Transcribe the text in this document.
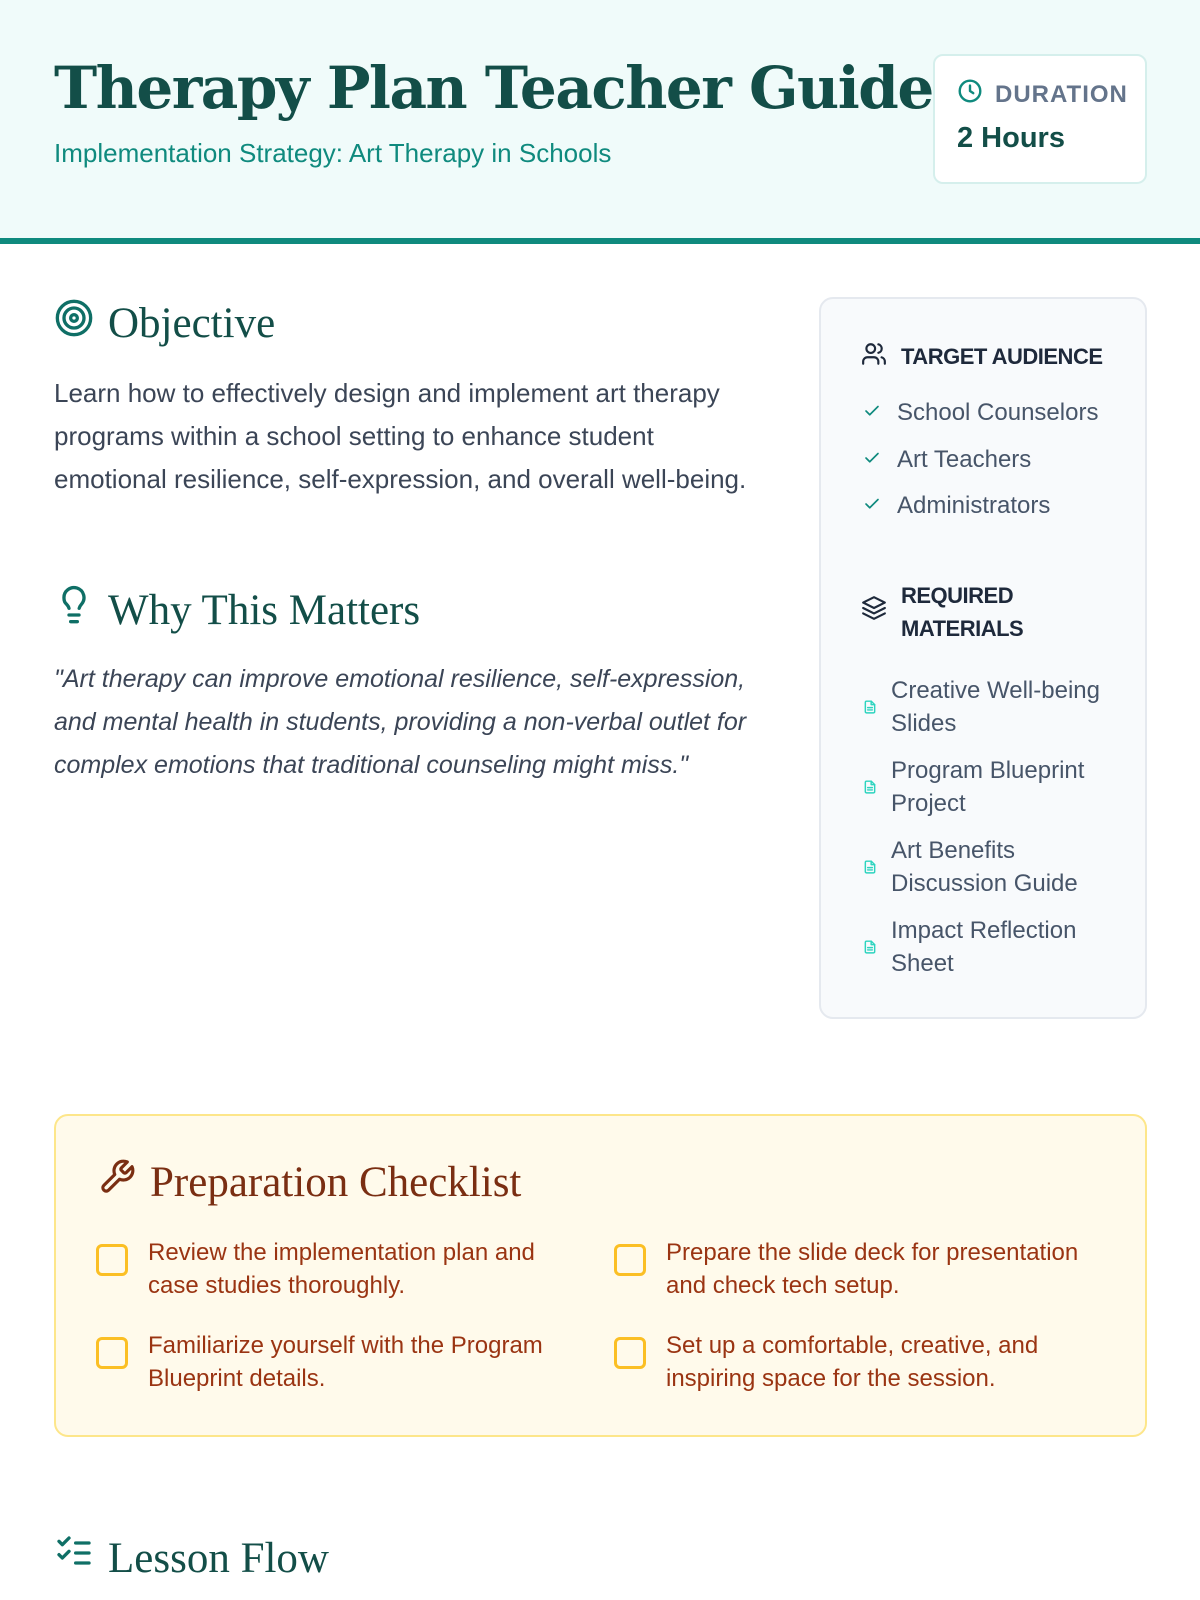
Therapy Plan Teacher Guide
Implementation Strategy: Art Therapy in Schools
DURATION
2 Hours
Objective

Learn how to effectively design and implement art therapy programs within a school setting to enhance student emotional resilience, self-expression, and overall well-being.

Why This Matters

"Art therapy can improve emotional resilience, self-expression, and mental health in students, providing a non-verbal outlet for complex emotions that traditional counseling might miss."

TARGET AUDIENCE
School Counselors
Art Teachers
Administrators
REQUIRED MATERIALS
Creative Well-being Slides
Program Blueprint Project
Art Benefits Discussion Guide
Impact Reflection Sheet
Preparation Checklist
Review the implementation plan and case studies thoroughly.
Prepare the slide deck for presentation and check tech setup.
Familiarize yourself with the Program Blueprint details.
Set up a comfortable, creative, and inspiring space for the session.
Lesson Flow
